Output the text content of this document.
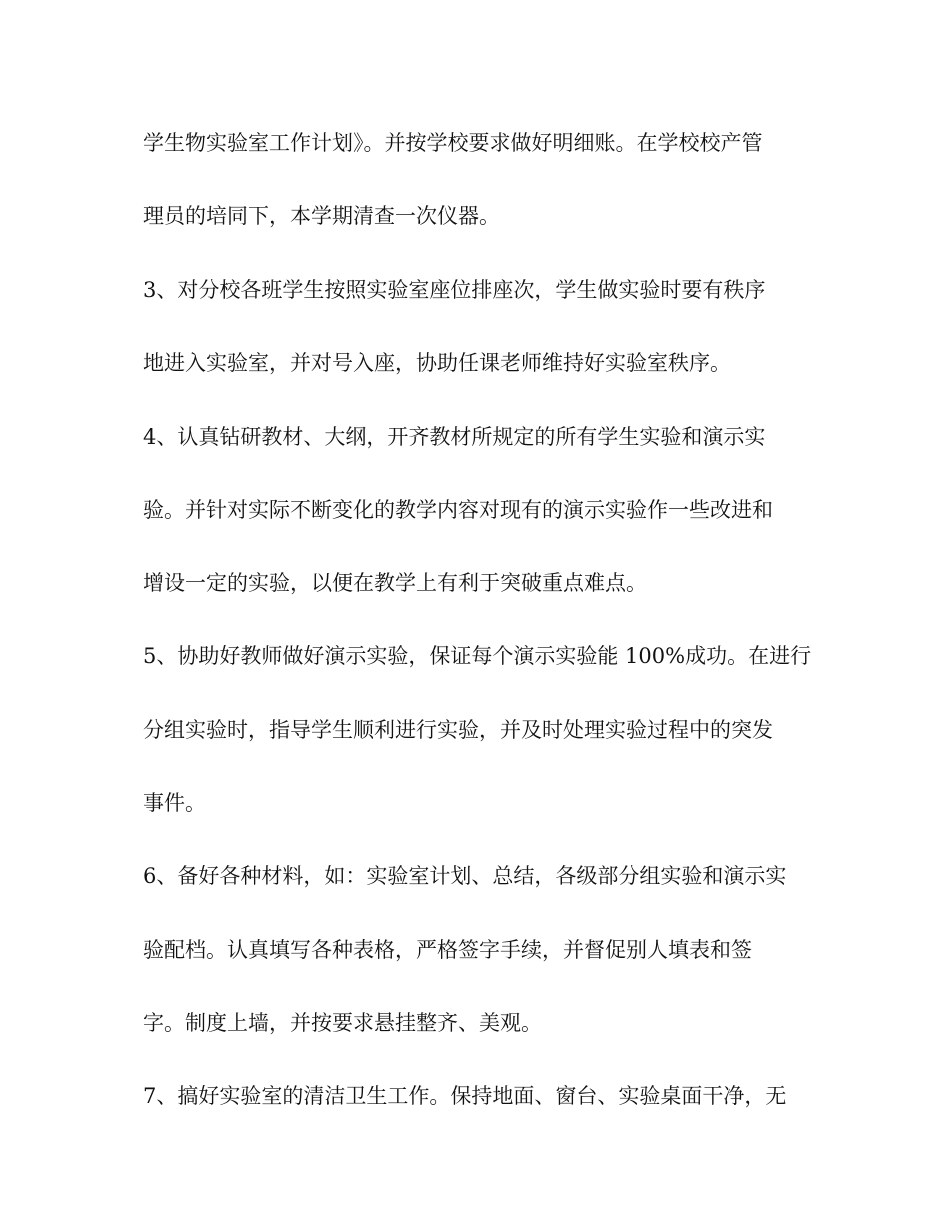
学生物实验室工作计划》。并按学校要求做好明细账。在学校校产管
理员的培同下，本学期清查一次仪器。
3、对分校各班学生按照实验室座位排座次，学生做实验时要有秩序
地进入实验室，并对号入座，协助任课老师维持好实验室秩序。
4、认真钻研教材、大纲，开齐教材所规定的所有学生实验和演示实
验。并针对实际不断变化的教学内容对现有的演示实验作一些改进和
增设一定的实验，以便在教学上有利于突破重点难点。
5、协助好教师做好演示实验，保证每个演示实验能 100%成功。在进行
分组实验时，指导学生顺利进行实验，并及时处理实验过程中的突发
事件。
6、备好各种材料，如：实验室计划、总结，各级部分组实验和演示实
验配档。认真填写各种表格，严格签字手续，并督促别人填表和签
字。制度上墙，并按要求悬挂整齐、美观。
7、搞好实验室的清洁卫生工作。保持地面、窗台、实验桌面干净，无
